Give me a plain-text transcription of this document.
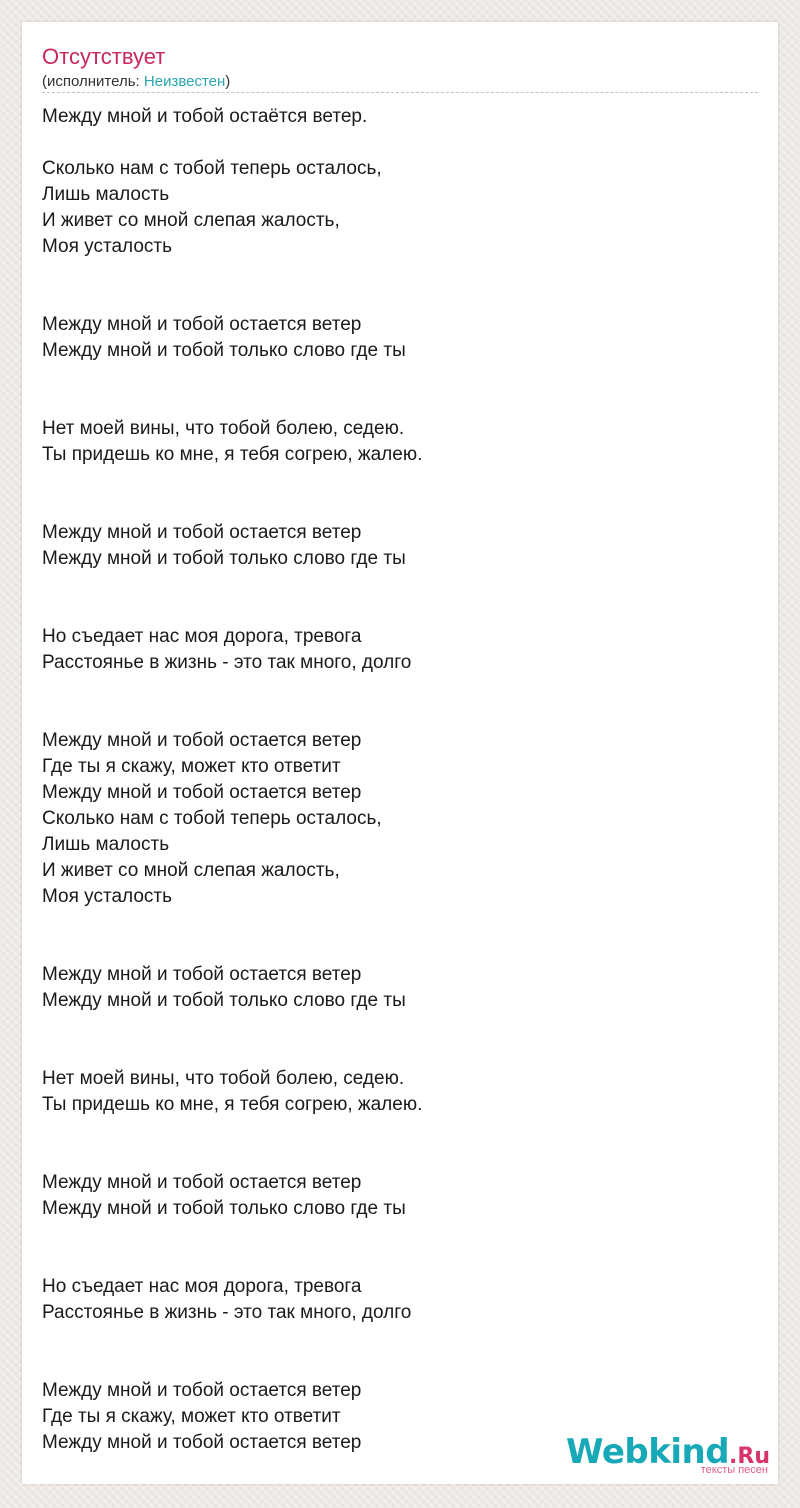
Отсутствует
(исполнитель: Неизвестен)
Между мной и тобой остаётся ветер.
Сколько нам с тобой теперь осталось,
Лишь малость
И живет со мной слепая жалость,
Моя усталость
Между мной и тобой остается ветер
Между мной и тобой только слово где ты
Нет моей вины, что тобой болею, седею.
Ты придешь ко мне, я тебя согрею, жалею.
Между мной и тобой остается ветер
Между мной и тобой только слово где ты
Но съедает нас моя дорога, тревога
Расстоянье в жизнь - это так много, долго
Между мной и тобой остается ветер
Где ты я скажу, может кто ответит
Между мной и тобой остается ветер
Сколько нам с тобой теперь осталось,
Лишь малость
И живет со мной слепая жалость,
Моя усталость
Между мной и тобой остается ветер
Между мной и тобой только слово где ты
Нет моей вины, что тобой болею, седею.
Ты придешь ко мне, я тебя согрею, жалею.
Между мной и тобой остается ветер
Между мной и тобой только слово где ты
Но съедает нас моя дорога, тревога
Расстоянье в жизнь - это так много, долго
Между мной и тобой остается ветер
Где ты я скажу, может кто ответит
Между мной и тобой остается ветер	Webkind.Ru
тексты песен
